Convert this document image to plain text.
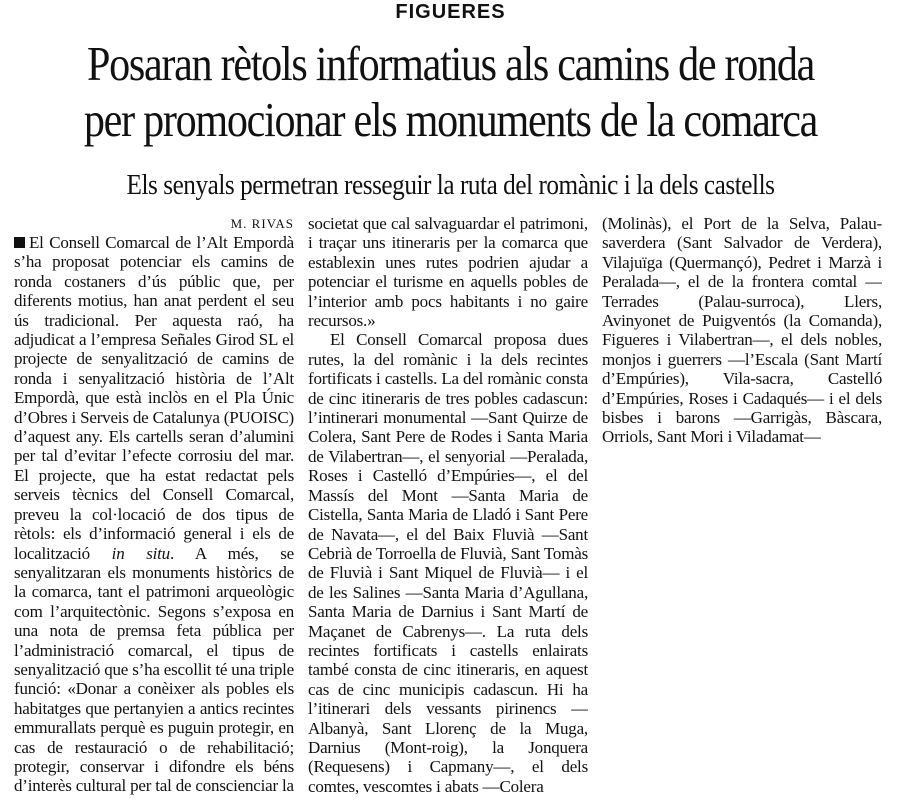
FIGUERES
Posaran rètols informatius als camins de ronda
per promocionar els monuments de la comarca
Els senyals permetran resseguir la ruta del romànic i la dels castells
M. RIVAS

El Consell Comarcal de l’Alt Empordà s’ha proposat potenciar els camins de ronda costaners d’ús públic que, per diferents motius, han anat perdent el seu ús tradicional. Per aquesta raó, ha adjudicat a l’empresa Señales Girod SL el projecte de senyalització de camins de ronda i senyalització història de l’Alt Empordà, que està inclòs en el Pla Únic d’Obres i Serveis de Catalunya (PUOISC) d’aquest any. Els cartells seran d’alumini per tal d’evitar l’efecte corrosiu del mar. El projecte, que ha estat redactat pels serveis tècnics del Consell Comarcal, preveu la col·locació de dos tipus de rètols: els d’informació general i els de localització in situ. A més, se senyalitzaran els monuments històrics de la comarca, tant el patrimoni arqueològic com l’arquitectònic. Segons s’exposa en una nota de premsa feta pública per l’administració comarcal, el tipus de senyalització que s’ha escollit té una triple funció: «Donar a conèixer als pobles els habitatges que pertanyien a antics recintes emmurallats perquè es puguin protegir, en cas de restauració o de rehabilitació; protegir, conservar i difondre els béns d’interès cultural per tal de conscienciar la

societat que cal salvaguardar el patrimoni, i traçar uns itineraris per la comarca que establexin unes rutes podrien ajudar a potenciar el turisme en aquells pobles de l’interior amb pocs habitants i no gaire recursos.»

El Consell Comarcal proposa dues rutes, la del romànic i la dels recintes fortificats i castells. La del romànic consta de cinc itineraris de tres pobles cadascun: l’intinerari monumental —Sant Quirze de Colera, Sant Pere de Rodes i Santa Maria de Vilabertran—, el senyorial —Peralada, Roses i Castelló d’Empúries—, el del Massís del Mont —Santa Maria de Cistella, Santa Maria de Lladó i Sant Pere de Navata—, el del Baix Fluvià —Sant Cebrià de Torroella de Fluvià, Sant Tomàs de Fluvià i Sant Miquel de Fluvià— i el de les Salines —Santa Maria d’Agullana, Santa Maria de Darnius i Sant Martí de Maçanet de Cabrenys—. La ruta dels recintes fortificats i castells enlairats també consta de cinc itineraris, en aquest cas de cinc municipis cadascun. Hi ha l’itinerari dels vessants pirinencs —Albanyà, Sant Llorenç de la Muga, Darnius (Mont-roig), la Jonquera (Requesens) i Capmany—, el dels comtes, vescomtes i abats —Colera

(Molinàs), el Port de la Selva, Palau-saverdera (Sant Salvador de Verdera), Vilajuïga (Quermançó), Pedret i Marzà i Peralada—, el de la frontera comtal —Terrades (Palau-surroca), Llers, Avinyonet de Puigventós (la Comanda), Figueres i Vilabertran—, el dels nobles, monjos i guerrers —l’Escala (Sant Martí d’Empúries), Vila-sacra, Castelló d’Empúries, Roses i Cadaqués— i el dels bisbes i barons —Garrigàs, Bàscara, Orriols, Sant Mori i Viladamat—
